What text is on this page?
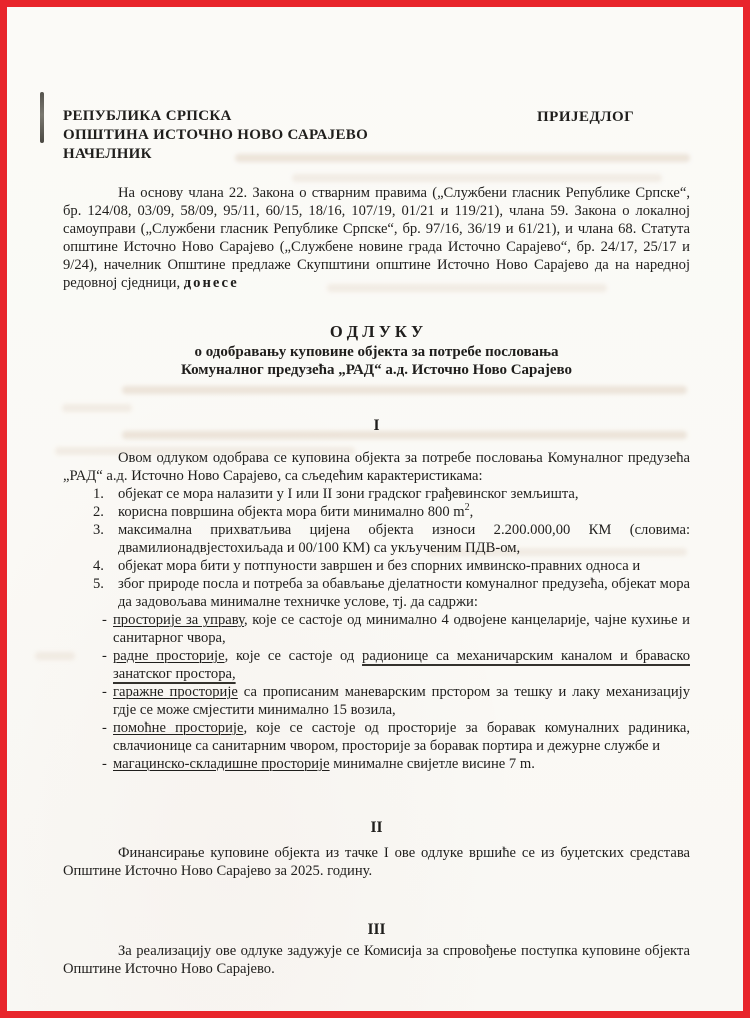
РЕПУБЛИКА СРПСКА
ОПШТИНА ИСТОЧНО НОВО САРАЈЕВО
НАЧЕЛНИК
ПРИЈЕДЛОГ
На основу члана 22. Закона о стварним правима („Службени гласник Републике Српске“, бр. 124/08, 03/09, 58/09, 95/11, 60/15, 18/16, 107/19, 01/21 и 119/21), члана 59. Закона о локалној самоуправи („Службени гласник Републике Српске“, бр. 97/16, 36/19 и 61/21), и члана 68. Статута општине Источно Ново Сарајево („Службене новине града Источно Сарајево“, бр. 24/17, 25/17 и 9/24), начелник Општине предлаже Скупштини општине Источно Ново Сарајево да на наредној редовној сједници, донесе
О Д Л У К У
о одобравању куповине објекта за потребе пословања
Комуналног предузећа „РАД“ а.д. Источно Ново Сарајево
I
Овом одлуком одобрава се куповина објекта за потребе пословања Комуналног предузећа „РАД“ а.д. Источно Ново Сарајево, са сљедећим карактеристикама:
1. објекат се мора налазити у I или II зони градског грађевинског земљишта,
2. корисна површина објекта мора бити минимално 800 $m^2$,
3. максимална прихватљива цијена објекта износи 2.200.000,00 КМ (словима: двамилионадвјестохиљада и 00/100 КМ) са укљученим ПДВ-ом,
4. објекат мора бити у потпуности завршен и без спорних имвинско-правних односа и
5. због природе посла и потреба за обављање дјелатности комуналног предузећа, објекат мора да задовољава минималне техничке услове, тј. да садржи:
- просторије за управу, које се састоје од минимално 4 одвојене канцеларије, чајне кухиње и санитарног чвора,
- радне просторије, које се састоје од радионице са механичарским каналом и браваско занатског простора,
- гаражне просторије са прописаним маневарским прстором за тешку и лаку механизацију гдје се може смјестити минимално 15 возила,
- помоћне просторије, које се састоје од просторије за боравак комуналних радиника, свлачионице са санитарним чвором, просторије за боравак портира и дежурне службе и
- магацинско-складишне просторије минималне свијетле висине 7 m.
II
Финансирање куповине објекта из тачке I ове одлуке вршиће се из буџетских средстава Општине Источно Ново Сарајево за 2025. годину.
III
За реализацију ове одлуке задужује се Комисија за спровођење поступка куповине објекта Општине Источно Ново Сарајево.
